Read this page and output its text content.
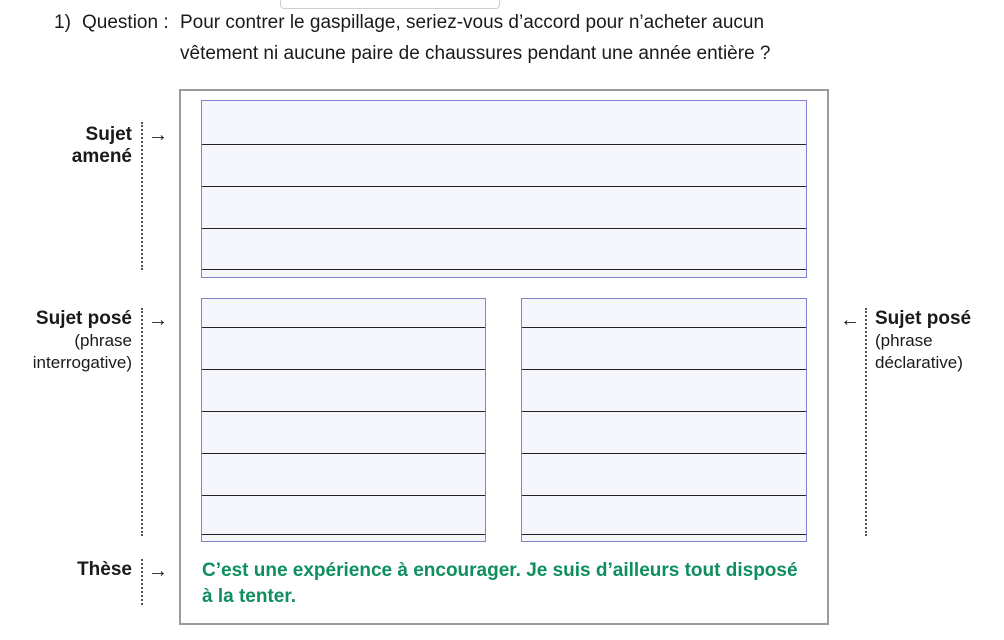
1) Question : Pour contrer le gaspillage, seriez-vous d’accord pour n’acheter aucun
vêtement ni aucune paire de chaussures pendant une année entière ?
Sujet
amené
→
Sujet posé
(phrase
interrogative)
→
Thèse →
← Sujet posé
(phrase
déclarative)
C’est une expérience à encourager. Je suis d’ailleurs tout disposé
à la tenter.
